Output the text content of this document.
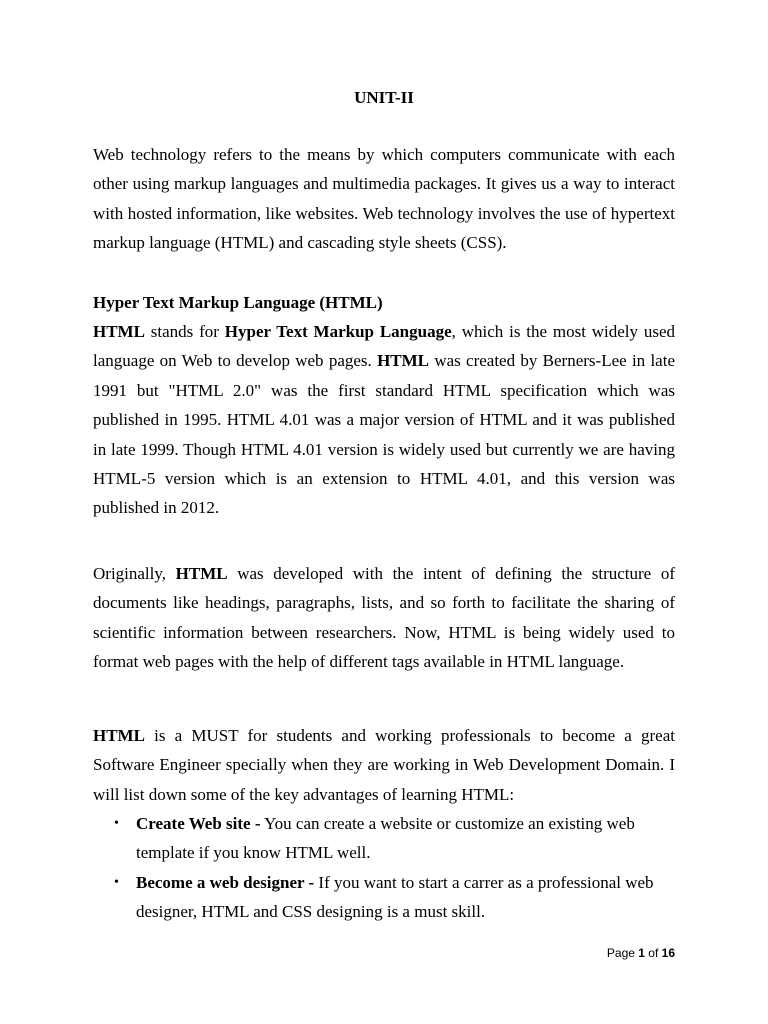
UNIT-II

Web technology refers to the means by which computers communicate with each other using markup languages and multimedia packages. It gives us a way to interact with hosted information, like websites. Web technology involves the use of hypertext markup language (HTML) and cascading style sheets (CSS).

Hyper Text Markup Language (HTML)

HTML stands for Hyper Text Markup Language, which is the most widely used language on Web to develop web pages. HTML was created by Berners-Lee in late 1991 but "HTML 2.0" was the first standard HTML specification which was published in 1995. HTML 4.01 was a major version of HTML and it was published in late 1999. Though HTML 4.01 version is widely used but currently we are having HTML-5 version which is an extension to HTML 4.01, and this version was published in 2012.

Originally, HTML was developed with the intent of defining the structure of documents like headings, paragraphs, lists, and so forth to facilitate the sharing of scientific information between researchers. Now, HTML is being widely used to format web pages with the help of different tags available in HTML language.

HTML is a MUST for students and working professionals to become a great Software Engineer specially when they are working in Web Development Domain. I will list down some of the key advantages of learning HTML:

• Create Web site - You can create a website or customize an existing web template if you know HTML well.
• Become a web designer - If you want to start a carrer as a professional web designer, HTML and CSS designing is a must skill.
Page 1 of 16
